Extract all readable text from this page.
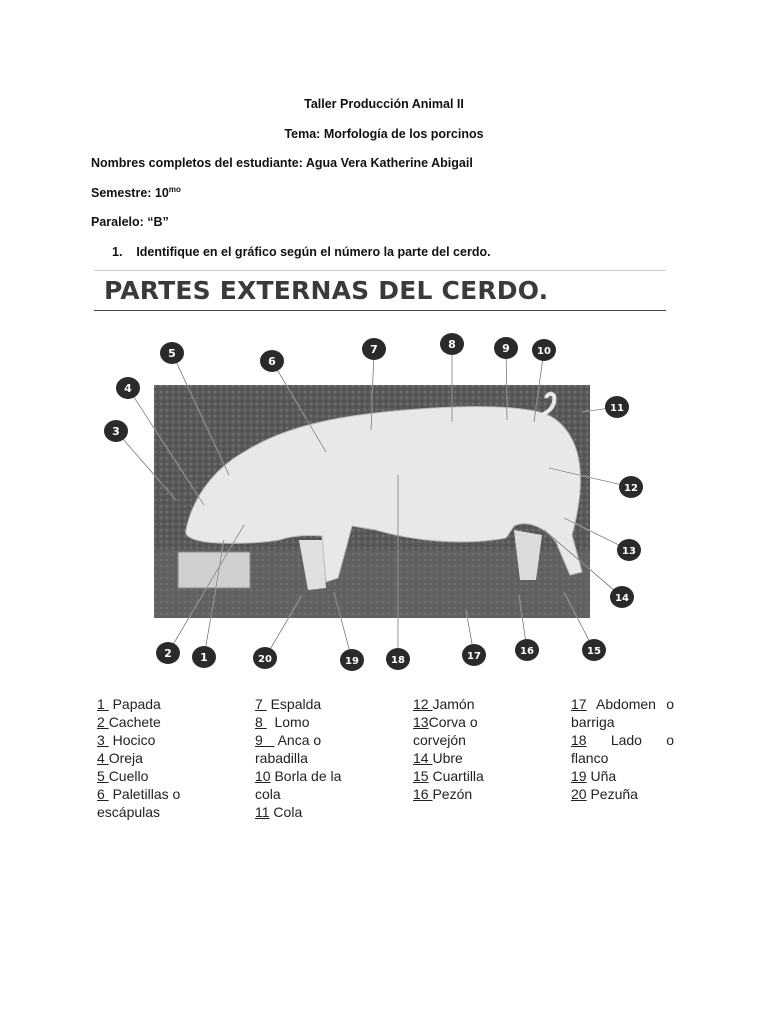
Taller Producción Animal II
Tema: Morfología de los porcinos
Nombres completos del estudiante: Agua Vera Katherine Abigail
Semestre: $10^{mo}$
Paralelo: “B”
1.    Identifique en el gráfico según el número la parte del cerdo.
PARTES EXTERNAS DEL CERDO.
1
2
3
4
5
6
7	8	9	10
11
12
13
14
15
16
17
18
19
20
1  Papada
2 Cachete
3  Hocico
4 Oreja
5 Cuello
6  Paletillas o escápulas
7  Espalda
8   Lomo
9    Anca o rabadilla
10 Borla de la cola
11 Cola
12 Jamón
13Corva o corvejón
14 Ubre
15 Cuartilla
16 Pezón
17 Abdomen o barriga
18    Lado    o flanco
19 Uña
20 Pezuña
